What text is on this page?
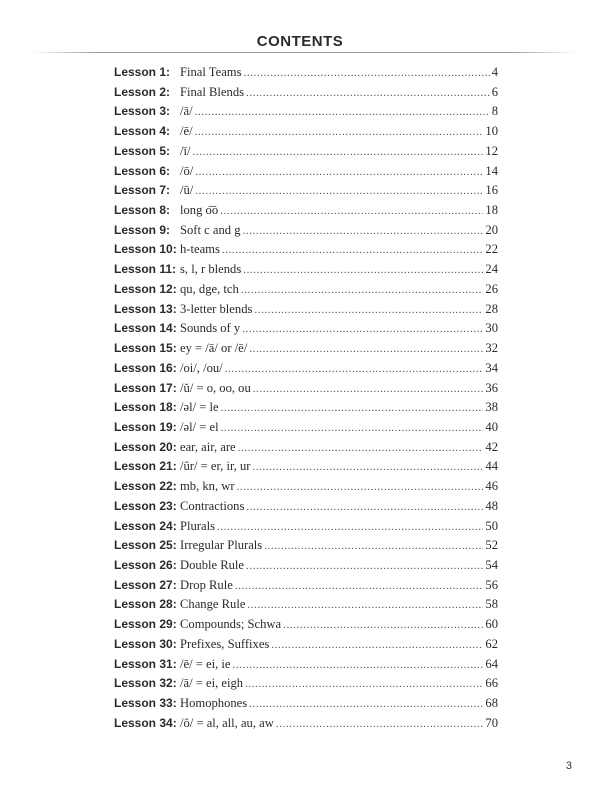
CONTENTS
Lesson 1: Final Teams .....	4
Lesson 2: Final Blends .....	6
Lesson 3: /ā/ .....	8
Lesson 4: /ē/ .....	10
Lesson 5: /ī/ .....	12
Lesson 6: /ō/ .....	14
Lesson 7: /ū/ .....	16
Lesson 8: long o͞o .....	18
Lesson 9: Soft c and g .....	20
Lesson 10: h-teams .....	22
Lesson 11: s, l, r blends .....	24
Lesson 12: qu, dge, tch .....	26
Lesson 13: 3-letter blends .....	28
Lesson 14: Sounds of y .....	30
Lesson 15: ey = /ā/ or /ē/ .....	32
Lesson 16: /oi/, /ou/ .....	34
Lesson 17: /ŭ/ = o, oo, ou .....	36
Lesson 18: /əl/ = le .....	38
Lesson 19: /əl/ = el .....	40
Lesson 20: ear, air, are .....	42
Lesson 21: /ûr/ = er, ir, ur .....	44
Lesson 22: mb, kn, wr .....	46
Lesson 23: Contractions .....	48
Lesson 24: Plurals .....	50
Lesson 25: Irregular Plurals .....	52
Lesson 26: Double Rule .....	54
Lesson 27: Drop Rule .....	56
Lesson 28: Change Rule .....	58
Lesson 29: Compounds; Schwa .....	60
Lesson 30: Prefixes, Suffixes .....	62
Lesson 31: /ē/ = ei, ie .....	64
Lesson 32: /ā/ = ei, eigh .....	66
Lesson 33: Homophones .....	68
Lesson 34: /ô/ = al, all, au, aw .....	70
3
